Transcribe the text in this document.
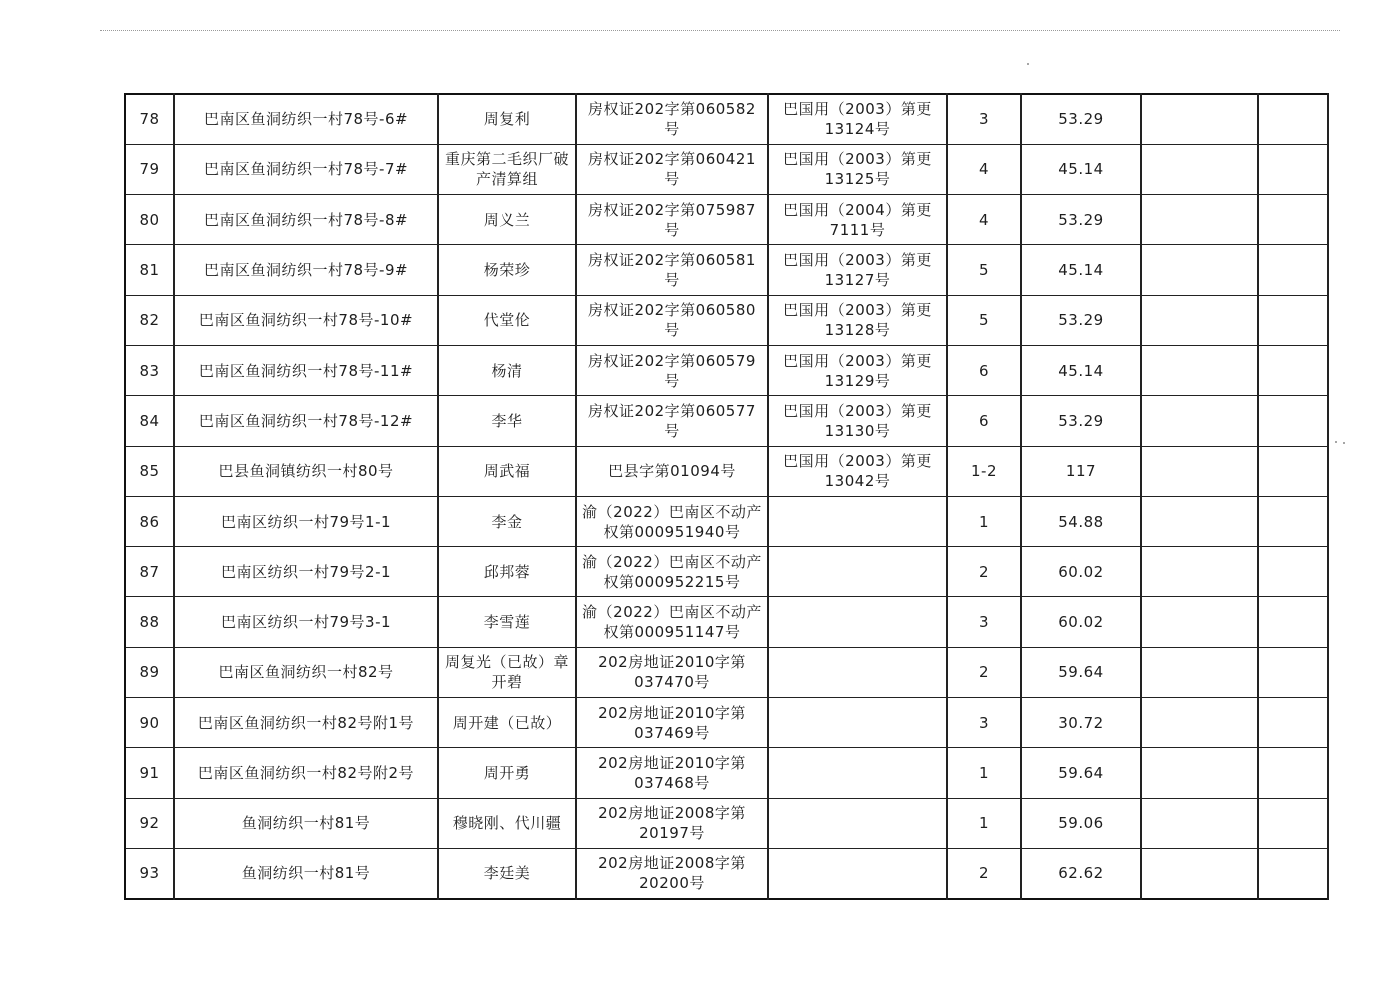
78	巴南区鱼洞纺织一村78号-6#	周复利	房权证202字第060582号	巴国用（2003）第更13124号	3	53.29		
79	巴南区鱼洞纺织一村78号-7#	重庆第二毛织厂破产清算组	房权证202字第060421号	巴国用（2003）第更13125号	4	45.14		
80	巴南区鱼洞纺织一村78号-8#	周义兰	房权证202字第075987号	巴国用（2004）第更7111号	4	53.29		
81	巴南区鱼洞纺织一村78号-9#	杨荣珍	房权证202字第060581号	巴国用（2003）第更13127号	5	45.14		
82	巴南区鱼洞纺织一村78号-10#	代堂伦	房权证202字第060580号	巴国用（2003）第更13128号	5	53.29		
83	巴南区鱼洞纺织一村78号-11#	杨清	房权证202字第060579号	巴国用（2003）第更13129号	6	45.14		
84	巴南区鱼洞纺织一村78号-12#	李华	房权证202字第060577号	巴国用（2003）第更13130号	6	53.29		
85	巴县鱼洞镇纺织一村80号	周武福	巴县字第01094号	巴国用（2003）第更13042号	1-2	117		
86	巴南区纺织一村79号1-1	李金	渝（2022）巴南区不动产权第000951940号		1	54.88		
87	巴南区纺织一村79号2-1	邱邦蓉	渝（2022）巴南区不动产权第000952215号		2	60.02		
88	巴南区纺织一村79号3-1	李雪莲	渝（2022）巴南区不动产权第000951147号		3	60.02		
89	巴南区鱼洞纺织一村82号	周复光（已故）章开碧	202房地证2010字第037470号		2	59.64		
90	巴南区鱼洞纺织一村82号附1号	周开建（已故）	202房地证2010字第037469号		3	30.72		
91	巴南区鱼洞纺织一村82号附2号	周开勇	202房地证2010字第037468号		1	59.64		
92	鱼洞纺织一村81号	穆晓刚、代川疆	202房地证2008字第20197号		1	59.06		
93	鱼洞纺织一村81号	李廷美	202房地证2008字第20200号		2	62.62		
